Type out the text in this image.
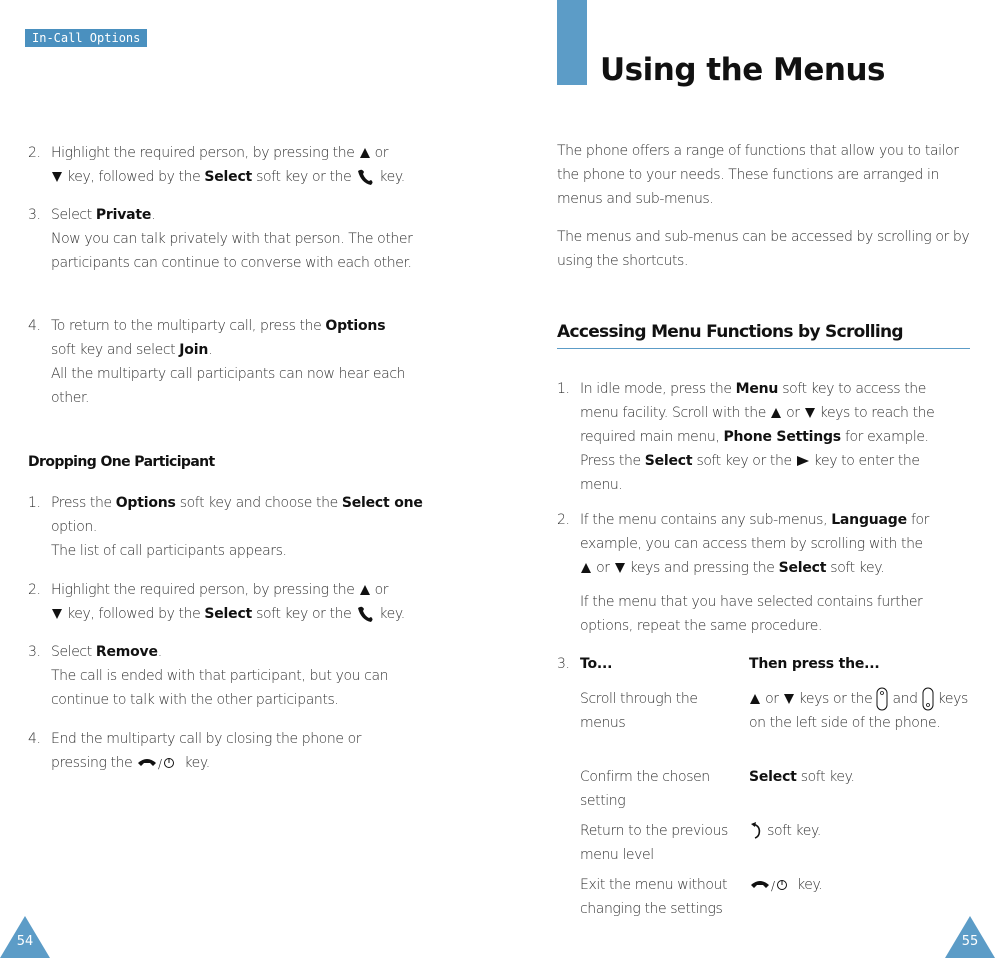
In-Call Options
2. Highlight the required person, by pressing the or
key, followed by the Select soft key or the key.
3. Select Private.
Now you can talk privately with that person. The other participants can continue to converse with each other.
4. To return to the multiparty call, press the Options
soft key and select Join.
All the multiparty call participants can now hear each other.
Dropping One Participant
1. Press the Options soft key and choose the Select one option.
The list of call participants appears.
2. Highlight the required person, by pressing the or
key, followed by the Select soft key or the key.
3. Select Remove.
The call is ended with that participant, but you can continue to talk with the other participants.
4. End the multiparty call by closing the phone or pressing the / key.
54
Using the Menus
The phone offers a range of functions that allow you to tailor the phone to your needs. These functions are arranged in menus and sub-menus.
The menus and sub-menus can be accessed by scrolling or by using the shortcuts.
Accessing Menu Functions by Scrolling
1. In idle mode, press the Menu soft key to access the menu facility. Scroll with the or keys to reach the required main menu, Phone Settings for example. Press the Select soft key or the key to enter the menu.
2. If the menu contains any sub-menus, Language for example, you can access them by scrolling with the
or keys and pressing the Select soft key.
If the menu that you have selected contains further options, repeat the same procedure.
3. To...	Then press the...
Scroll through the menus
or keys or the and keys on the left side of the phone.
Confirm the chosen setting
Select soft key.
Return to the previous menu level
soft key.
Exit the menu without changing the settings
/ key.
55
